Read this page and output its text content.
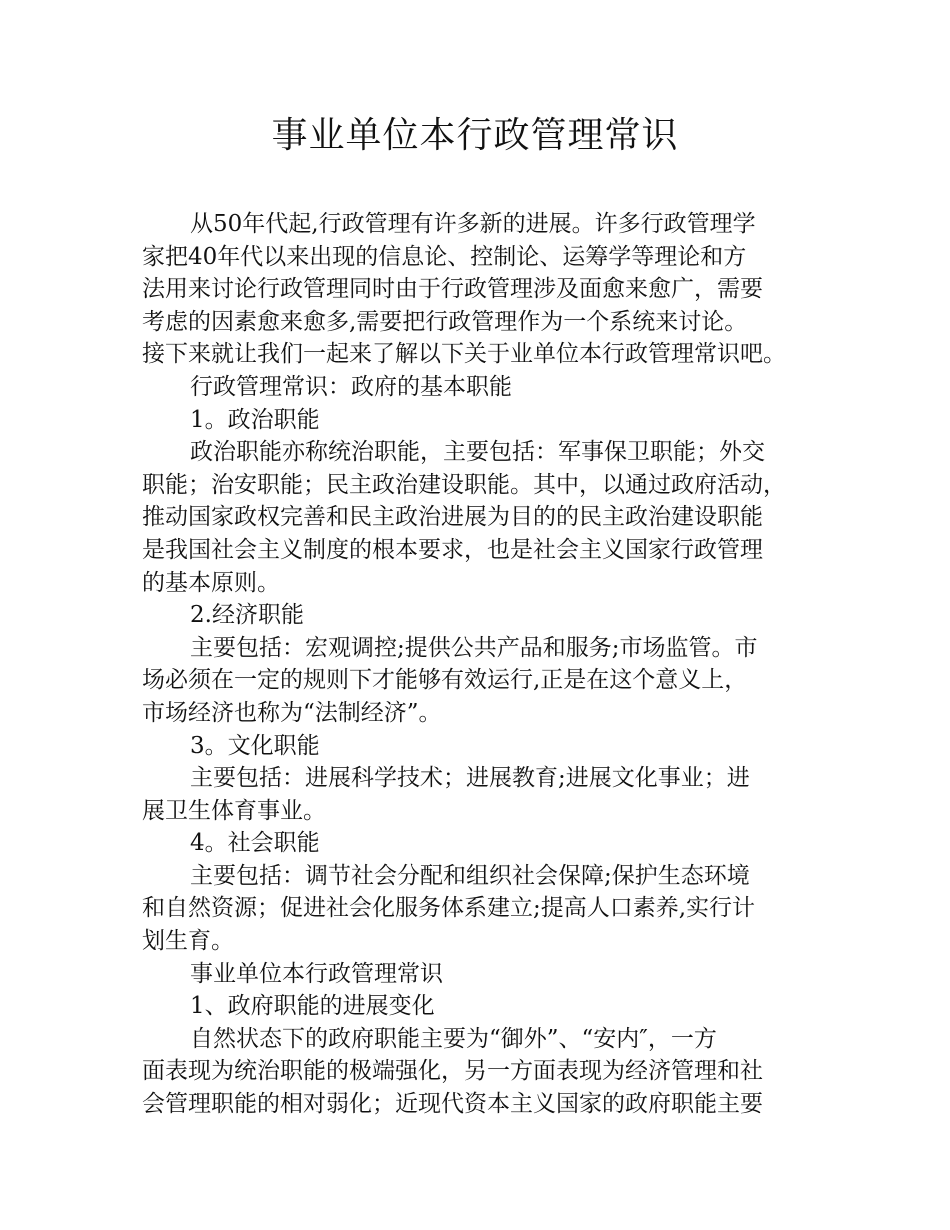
事业单位本行政管理常识
从50年代起,行政管理有许多新的进展。许多行政管理学
家把40年代以来出现的信息论、控制论、运筹学等理论和方
法用来讨论行政管理同时由于行政管理涉及面愈来愈广，需要
考虑的因素愈来愈多,需要把行政管理作为一个系统来讨论。
接下来就让我们一起来了解以下关于业单位本行政管理常识吧。
行政管理常识：政府的基本职能
1。政治职能
政治职能亦称统治职能，主要包括：军事保卫职能；外交
职能；治安职能；民主政治建设职能。其中，以通过政府活动，
推动国家政权完善和民主政治进展为目的的民主政治建设职能
是我国社会主义制度的根本要求，也是社会主义国家行政管理
的基本原则。
2.经济职能
主要包括：宏观调控;提供公共产品和服务;市场监管。市
场必须在一定的规则下才能够有效运行,正是在这个意义上，
市场经济也称为“法制经济”。
3。文化职能
主要包括：进展科学技术；进展教育;进展文化事业；进
展卫生体育事业。
4。社会职能
主要包括：调节社会分配和组织社会保障;保护生态环境
和自然资源；促进社会化服务体系建立;提高人口素养,实行计
划生育。
事业单位本行政管理常识
1、政府职能的进展变化
自然状态下的政府职能主要为“御外”、“安内″，一方
面表现为统治职能的极端强化，另一方面表现为经济管理和社
会管理职能的相对弱化；近现代资本主义国家的政府职能主要
